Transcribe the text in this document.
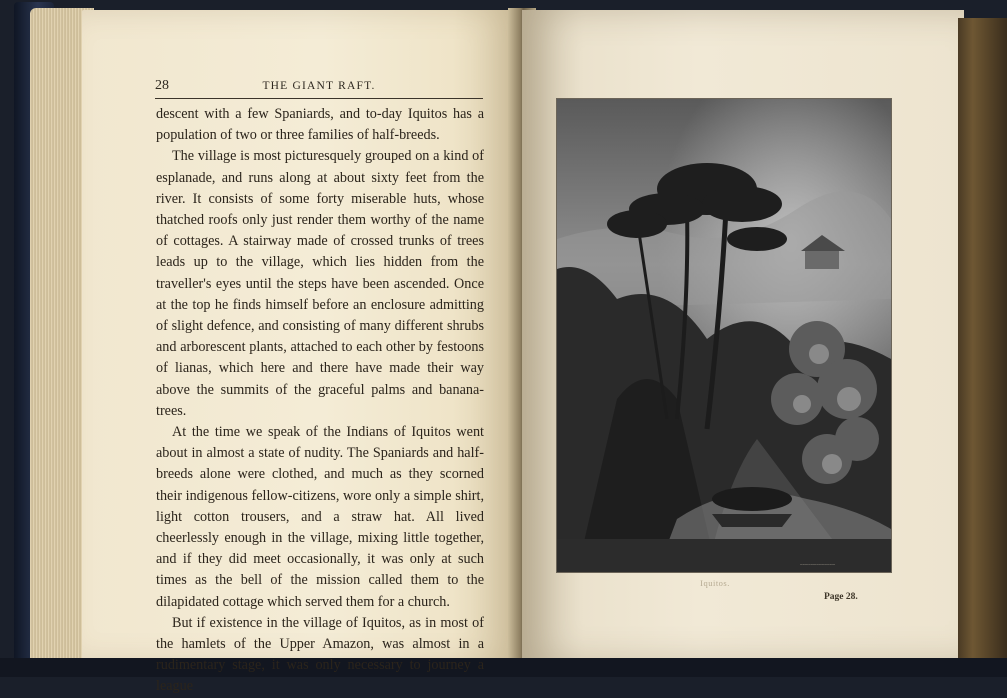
28	THE GIANT RAFT.

descent with a few Spaniards, and to-day Iquitos has a population of two or three families of half-breeds.

The village is most picturesquely grouped on a kind of esplanade, and runs along at about sixty feet from the river. It consists of some forty miserable huts, whose thatched roofs only just render them worthy of the name of cottages. A stairway made of crossed trunks of trees leads up to the village, which lies hidden from the traveller's eyes until the steps have been ascended. Once at the top he finds himself before an enclosure admitting of slight defence, and consisting of many different shrubs and arborescent plants, attached to each other by festoons of lianas, which here and there have made their way above the summits of the graceful palms and banana-trees.

At the time we speak of the Indians of Iquitos went about in almost a state of nudity. The Spaniards and half-breeds alone were clothed, and much as they scorned their indigenous fellow-citizens, wore only a simple shirt, light cotton trousers, and a straw hat. All lived cheerlessly enough in the village, mixing little together, and if they did meet occasionally, it was only at such times as the bell of the mission called them to the dilapidated cottage which served them for a church.

But if existence in the village of Iquitos, as in most of the hamlets of the Upper Amazon, was almost in a rudimentary stage, it was only necessary to journey a league

~~~~~~~~~~~~~
Iquitos.
Page 28.
